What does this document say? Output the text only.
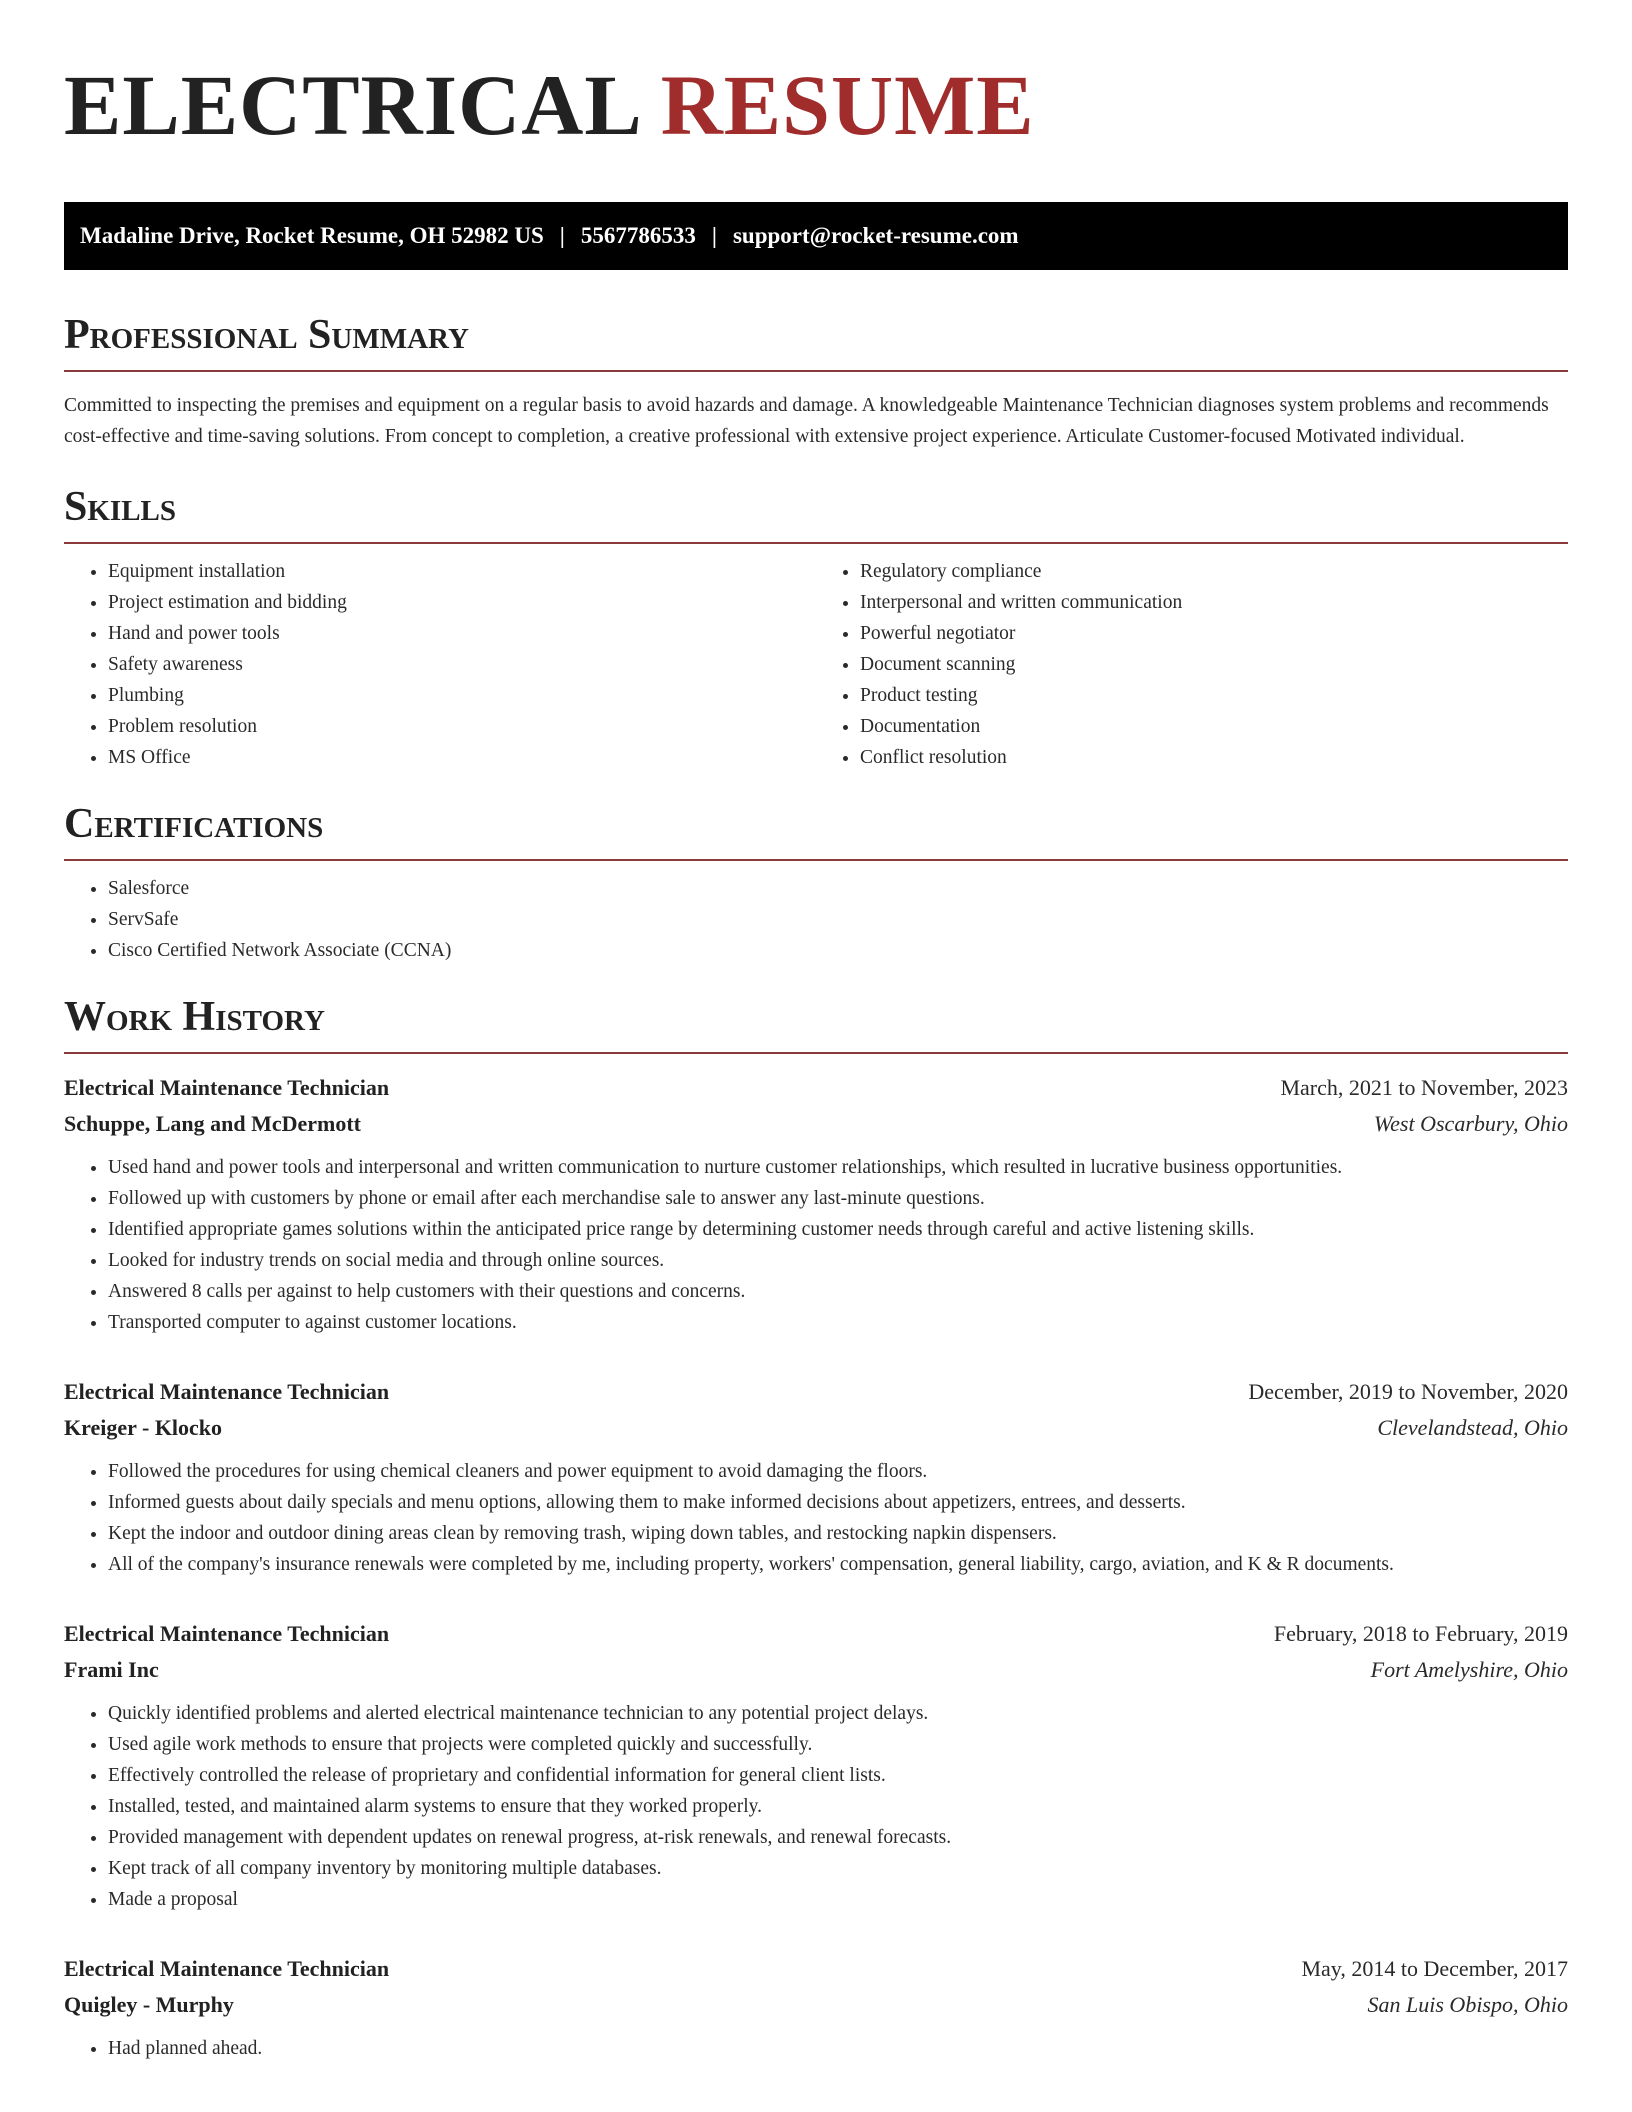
ELECTRICAL RESUME
Madaline Drive, Rocket Resume, OH 52982 US | 5567786533 | support@rocket-resume.com
Professional Summary

Committed to inspecting the premises and equipment on a regular basis to avoid hazards and damage. A knowledgeable Maintenance Technician diagnoses system problems and recommends cost-effective and time-saving solutions. From concept to completion, a creative professional with extensive project experience. Articulate Customer-focused Motivated individual.

Skills
• Equipment installation
• Project estimation and bidding
• Hand and power tools
• Safety awareness
• Plumbing
• Problem resolution
• MS Office
• Regulatory compliance
• Interpersonal and written communication
• Powerful negotiator
• Document scanning
• Product testing
• Documentation
• Conflict resolution
Certifications
• Salesforce
• ServSafe
• Cisco Certified Network Associate (CCNA)
Work History
Electrical Maintenance Technician	March, 2021 to November, 2023
Schuppe, Lang and McDermott	West Oscarbury, Ohio
• Used hand and power tools and interpersonal and written communication to nurture customer relationships, which resulted in lucrative business opportunities.
• Followed up with customers by phone or email after each merchandise sale to answer any last-minute questions.
• Identified appropriate games solutions within the anticipated price range by determining customer needs through careful and active listening skills.
• Looked for industry trends on social media and through online sources.
• Answered 8 calls per against to help customers with their questions and concerns.
• Transported computer to against customer locations.
Electrical Maintenance Technician	December, 2019 to November, 2020
Kreiger - Klocko	Clevelandstead, Ohio
• Followed the procedures for using chemical cleaners and power equipment to avoid damaging the floors.
• Informed guests about daily specials and menu options, allowing them to make informed decisions about appetizers, entrees, and desserts.
• Kept the indoor and outdoor dining areas clean by removing trash, wiping down tables, and restocking napkin dispensers.
• All of the company's insurance renewals were completed by me, including property, workers' compensation, general liability, cargo, aviation, and K & R documents.
Electrical Maintenance Technician	February, 2018 to February, 2019
Frami Inc	Fort Amelyshire, Ohio
• Quickly identified problems and alerted electrical maintenance technician to any potential project delays.
• Used agile work methods to ensure that projects were completed quickly and successfully.
• Effectively controlled the release of proprietary and confidential information for general client lists.
• Installed, tested, and maintained alarm systems to ensure that they worked properly.
• Provided management with dependent updates on renewal progress, at-risk renewals, and renewal forecasts.
• Kept track of all company inventory by monitoring multiple databases.
• Made a proposal
Electrical Maintenance Technician	May, 2014 to December, 2017
Quigley - Murphy	San Luis Obispo, Ohio
• Had planned ahead.
